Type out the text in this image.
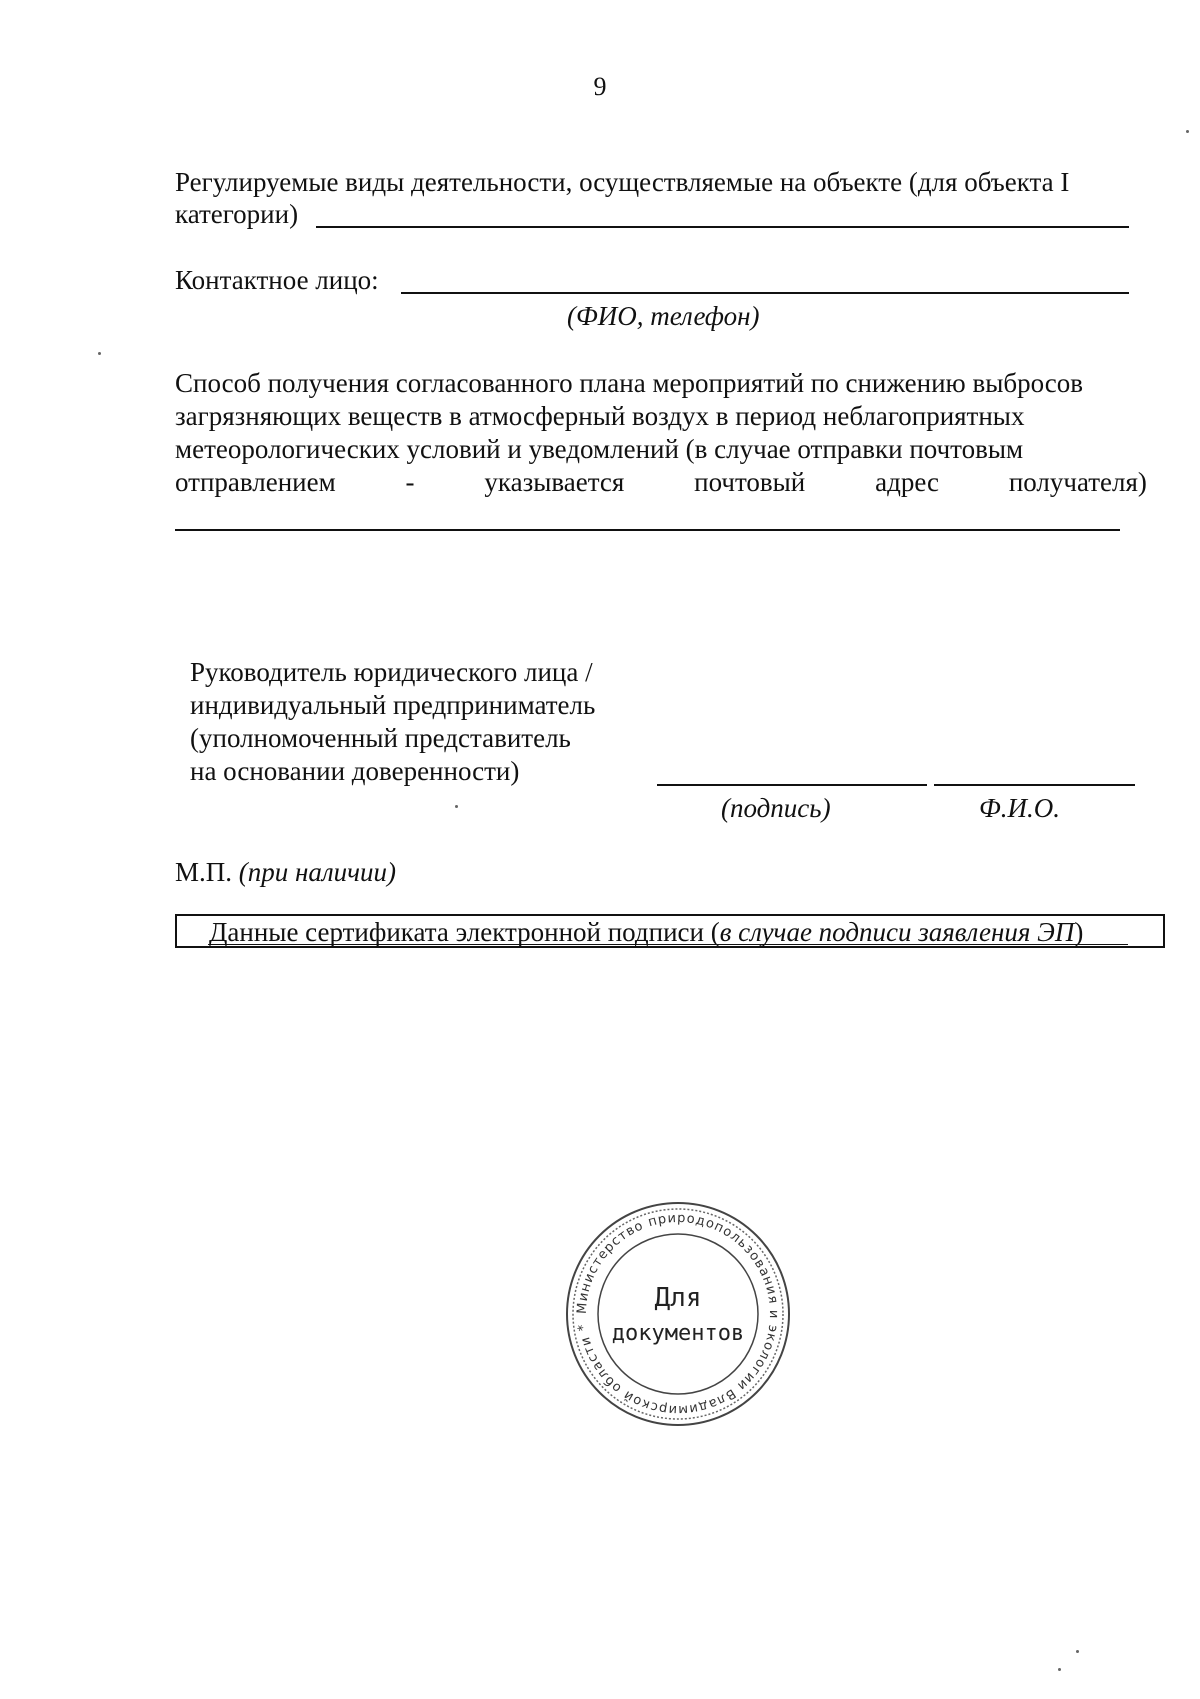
9
Регулируемые виды деятельности, осуществляемые на объекте (для объекта I
категории)
Контактное лицо:
(ФИО, телефон)
Способ получения согласованного плана мероприятий по снижению выбросов
загрязняющих веществ в атмосферный воздух в период неблагоприятных
метеорологических условий и уведомлений (в случае отправки почтовым
отправлением	-	указывается	почтовый	адрес	получателя)
Руководитель юридического лица /
индивидуальный предприниматель
(уполномоченный представитель
на основании доверенности)
(подпись)	Ф.И.О.
М.П. (при наличии)
Данные сертификата электронной подписи (в случае подписи заявления ЭП)
Министерство природопользования и экологии Владимирской области *
Для
документов
